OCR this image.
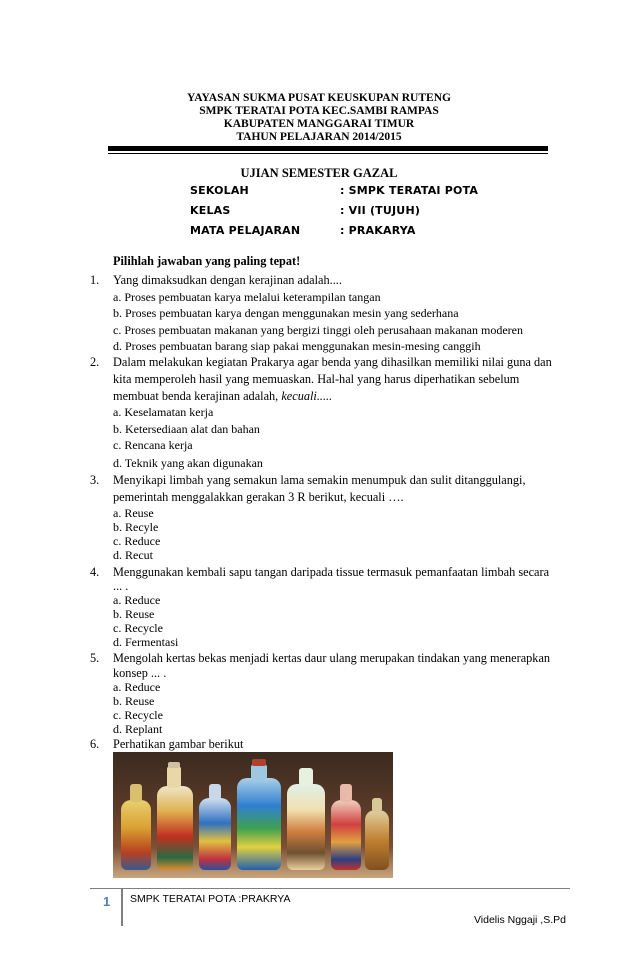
YAYASAN SUKMA PUSAT KEUSKUPAN RUTENG
SMPK TERATAI POTA KEC.SAMBI RAMPAS
KABUPATEN MANGGARAI TIMUR
TAHUN PELAJARAN 2014/2015
UJIAN SEMESTER GAZAL
SEKOLAH	: SMPK TERATAI POTA
KELAS	: VII (TUJUH)
MATA PELAJARAN	: PRAKARYA
Pilihlah jawaban yang paling tepat!
1. Yang dimaksudkan dengan kerajinan adalah....
a. Proses pembuatan karya melalui keterampilan tangan
b. Proses pembuatan karya dengan menggunakan mesin yang sederhana
c. Proses pembuatan makanan yang bergizi tinggi oleh perusahaan makanan moderen
d. Proses pembuatan barang siap pakai menggunakan mesin-mesing canggih
2. Dalam melakukan kegiatan Prakarya agar benda yang dihasilkan memiliki nilai guna dan
kita memperoleh hasil yang memuaskan. Hal-hal yang harus diperhatikan sebelum
membuat benda kerajinan adalah, kecuali.....
a. Keselamatan kerja
b. Ketersediaan alat dan bahan
c. Rencana kerja
d. Teknik yang akan digunakan
3. Menyikapi limbah yang semakun lama semakin menumpuk dan sulit ditanggulangi,
pemerintah menggalakkan gerakan 3 R berikut, kecuali ….
a. Reuse
b. Recyle
c. Reduce
d. Recut
4. Menggunakan kembali sapu tangan daripada tissue termasuk pemanfaatan limbah secara
... .
a. Reduce
b. Reuse
c. Recycle
d. Fermentasi
5. Mengolah kertas bekas menjadi kertas daur ulang merupakan tindakan yang menerapkan
konsep ... .
a. Reduce
b. Reuse
c. Recycle
d. Replant
6. Perhatikan gambar berikut
1 SMPK TERATAI POTA :PRAKRYA
Videlis Nggaji ,S.Pd
